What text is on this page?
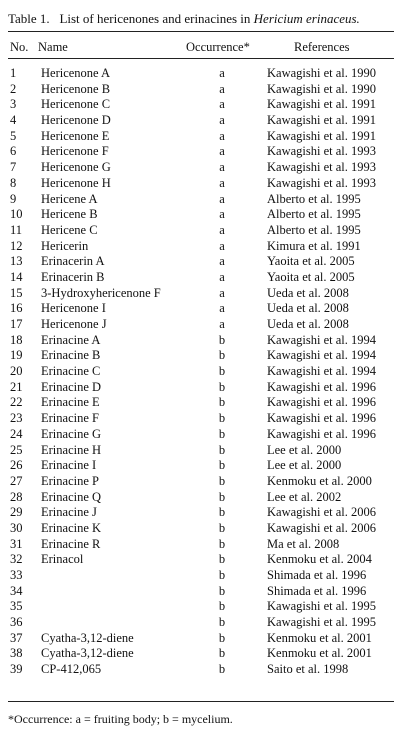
Table 1. List of hericenones and erinacines in Hericium erinaceus.
No. Name	Occurrence*	References
1 Hericenone A	a	Kawagishi et al. 1990
2 Hericenone B	a	Kawagishi et al. 1990
3 Hericenone C	a	Kawagishi et al. 1991
4 Hericenone D	a	Kawagishi et al. 1991
5 Hericenone E	a	Kawagishi et al. 1991
6 Hericenone F	a	Kawagishi et al. 1993
7 Hericenone G	a	Kawagishi et al. 1993
8 Hericenone H	a	Kawagishi et al. 1993
9 Hericene A	a	Alberto et al. 1995
10 Hericene B	a	Alberto et al. 1995
11 Hericene C	a	Alberto et al. 1995
12 Hericerin	a	Kimura et al. 1991
13 Erinacerin A	a	Yaoita et al. 2005
14 Erinacerin B	a	Yaoita et al. 2005
15 3-Hydroxyhericenone F	a	Ueda et al. 2008
16 Hericenone I	a	Ueda et al. 2008
17 Hericenone J	a	Ueda et al. 2008
18 Erinacine A	b	Kawagishi et al. 1994
19 Erinacine B	b	Kawagishi et al. 1994
20 Erinacine C	b	Kawagishi et al. 1994
21 Erinacine D	b	Kawagishi et al. 1996
22 Erinacine E	b	Kawagishi et al. 1996
23 Erinacine F	b	Kawagishi et al. 1996
24 Erinacine G	b	Kawagishi et al. 1996
25 Erinacine H	b	Lee et al. 2000
26 Erinacine I	b	Lee et al. 2000
27 Erinacine P	b	Kenmoku et al. 2000
28 Erinacine Q	b	Lee et al. 2002
29 Erinacine J	b	Kawagishi et al. 2006
30 Erinacine K	b	Kawagishi et al. 2006
31 Erinacine R	b	Ma et al. 2008
32 Erinacol	b	Kenmoku et al. 2004
33	b	Shimada et al. 1996
34	b	Shimada et al. 1996
35	b	Kawagishi et al. 1995
36	b	Kawagishi et al. 1995
37 Cyatha-3,12-diene	b	Kenmoku et al. 2001
38 Cyatha-3,12-diene	b	Kenmoku et al. 2001
39 CP-412,065	b	Saito et al. 1998
*Occurrence: a = fruiting body; b = mycelium.
